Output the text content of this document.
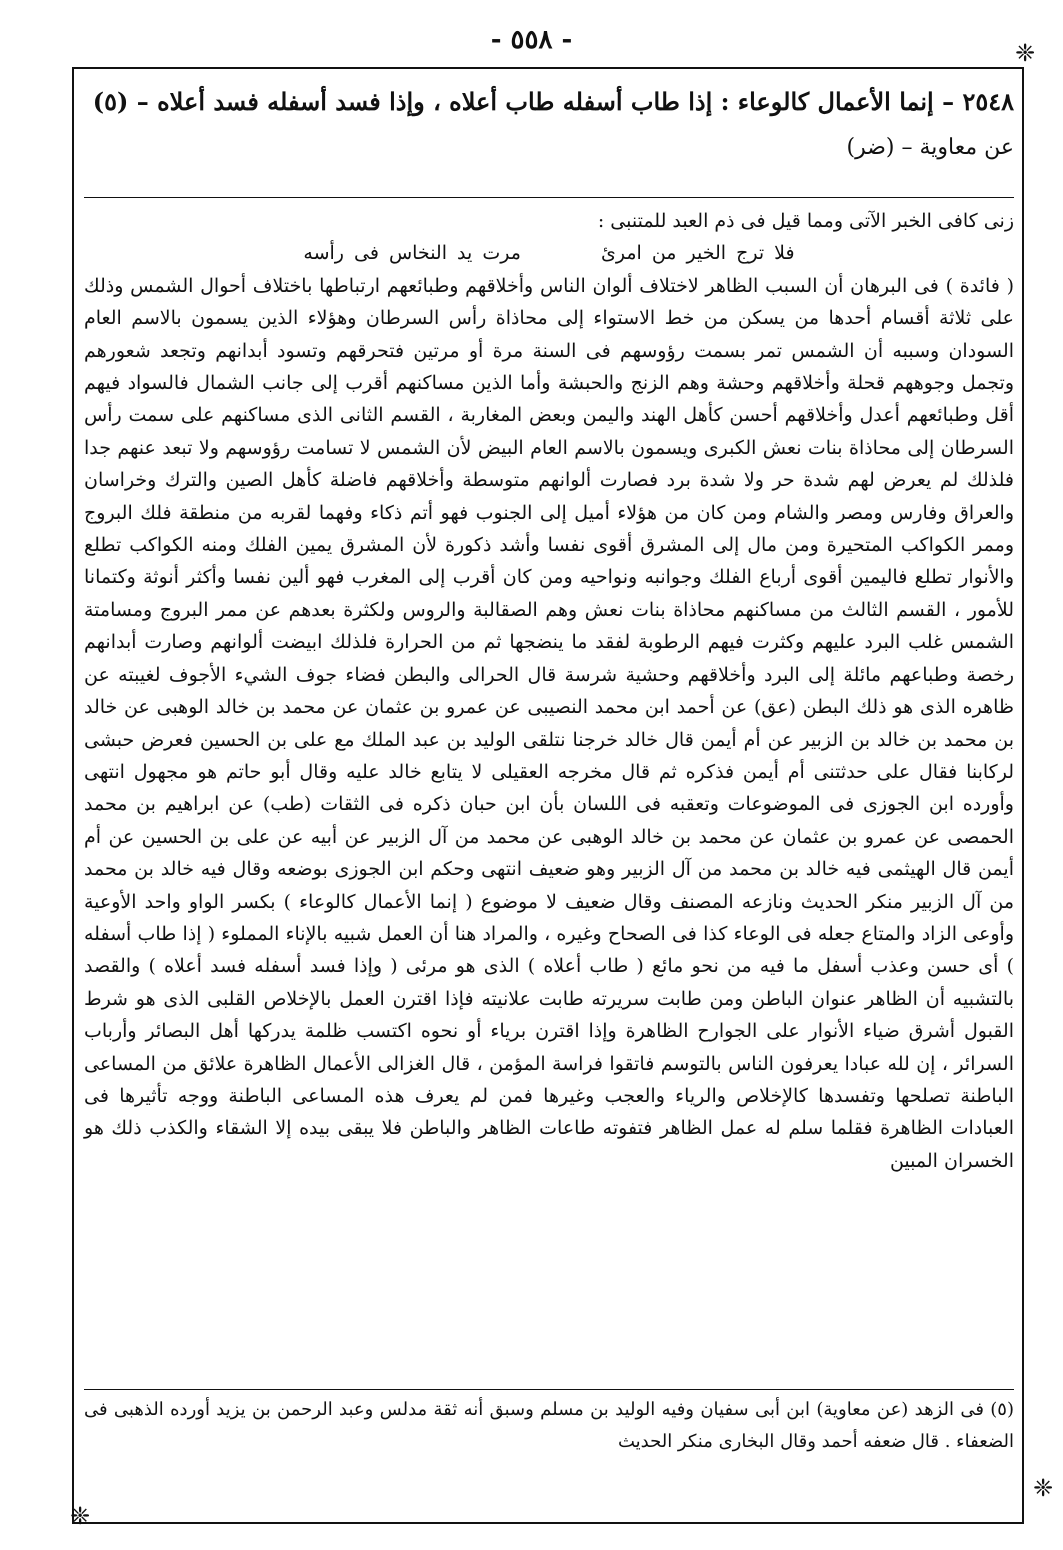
- ٥٥٨ -	❈
❈
❈
٢٥٤٨ – إنما الأعمال كالوعاء : إذا طاب أسفله طاب أعلاه ، وإذا فسد أسفله فسد أعلاه – (٥)
عن معاوية – (ضر)

زنى كافى الخبر الآتى ومما قيل فى ذم العبد للمتنبى :

فلا ترج الخير من امرئ  مرت يد النخاس فى رأسه

( فائدة ) فى البرهان أن السبب الظاهر لاختلاف ألوان الناس وأخلاقهم وطبائعهم ارتباطها باختلاف أحوال الشمس وذلك على ثلاثة أقسام أحدها من يسكن من خط الاستواء إلى محاذاة رأس السرطان وهؤلاء الذين يسمون بالاسم العام السودان وسببه أن الشمس تمر بسمت رؤوسهم فى السنة مرة أو مرتين فتحرقهم وتسود أبدانهم وتجعد شعورهم وتجمل وجوههم قحلة وأخلاقهم وحشة وهم الزنج والحبشة وأما الذين مساكنهم أقرب إلى جانب الشمال فالسواد فيهم أقل وطبائعهم أعدل وأخلاقهم أحسن كأهل الهند واليمن وبعض المغاربة ، القسم الثانى الذى مساكنهم على سمت رأس السرطان إلى محاذاة بنات نعش الكبرى ويسمون بالاسم العام البيض لأن الشمس لا تسامت رؤوسهم ولا تبعد عنهم جدا فلذلك لم يعرض لهم شدة حر ولا شدة برد فصارت ألوانهم متوسطة وأخلاقهم فاضلة كأهل الصين والترك وخراسان والعراق وفارس ومصر والشام ومن كان من هؤلاء أميل إلى الجنوب فهو أتم ذكاء وفهما لقربه من منطقة فلك البروج وممر الكواكب المتحيرة ومن مال إلى المشرق أقوى نفسا وأشد ذكورة لأن المشرق يمين الفلك ومنه الكواكب تطلع والأنوار تطلع فاليمين أقوى أرباع الفلك وجوانبه ونواحيه ومن كان أقرب إلى المغرب فهو ألين نفسا وأكثر أنوثة وكتمانا للأمور ، القسم الثالث من مساكنهم محاذاة بنات نعش وهم الصقالبة والروس ولكثرة بعدهم عن ممر البروج ومسامتة الشمس غلب البرد عليهم وكثرت فيهم الرطوبة لفقد ما ينضجها ثم من الحرارة فلذلك ابيضت ألوانهم وصارت أبدانهم رخصة وطباعهم مائلة إلى البرد وأخلاقهم وحشية شرسة قال الحرالى والبطن فضاء جوف الشيء الأجوف لغيبته عن ظاهره الذى هو ذلك البطن (عق) عن أحمد ابن محمد النصيبى عن عمرو بن عثمان عن محمد بن خالد الوهبى عن خالد بن محمد بن خالد بن الزبير عن أم أيمن قال خالد خرجنا نتلقى الوليد بن عبد الملك مع على بن الحسين فعرض حبشى لركابنا فقال على حدثتنى أم أيمن فذكره ثم قال مخرجه العقيلى لا يتابع خالد عليه وقال أبو حاتم هو مجهول انتهى وأورده ابن الجوزى فى الموضوعات وتعقبه فى اللسان بأن ابن حبان ذكره فى الثقات (طب) عن ابراهيم بن محمد الحمصى عن عمرو بن عثمان عن محمد بن خالد الوهبى عن محمد من آل الزبير عن أبيه عن على بن الحسين عن أم أيمن قال الهيثمى فيه خالد بن محمد من آل الزبير وهو ضعيف انتهى وحكم ابن الجوزى بوضعه وقال فيه خالد بن محمد من آل الزبير منكر الحديث ونازعه المصنف وقال ضعيف لا موضوع ( إنما الأعمال كالوعاء ) بكسر الواو واحد الأوعية وأوعى الزاد والمتاع جعله فى الوعاء كذا فى الصحاح وغيره ، والمراد هنا أن العمل شبيه بالإناء المملوء ( إذا طاب أسفله ) أى حسن وعذب أسفل ما فيه من نحو مائع ( طاب أعلاه ) الذى هو مرئى ( وإذا فسد أسفله فسد أعلاه ) والقصد بالتشبيه أن الظاهر عنوان الباطن ومن طابت سريرته طابت علانيته فإذا اقترن العمل بالإخلاص القلبى الذى هو شرط القبول أشرق ضياء الأنوار على الجوارح الظاهرة وإذا اقترن برياء أو نحوه اكتسب ظلمة يدركها أهل البصائر وأرباب السرائر ، إن لله عبادا يعرفون الناس بالتوسم فاتقوا فراسة المؤمن ، قال الغزالى الأعمال الظاهرة علائق من المساعى الباطنة تصلحها وتفسدها كالإخلاص والرياء والعجب وغيرها فمن لم يعرف هذه المساعى الباطنة ووجه تأثيرها فى العبادات الظاهرة فقلما سلم له عمل الظاهر فتفوته طاعات الظاهر والباطن فلا يبقى بيده إلا الشقاء والكذب ذلك هو الخسران المبين

(٥) فى الزهد (عن معاوية) ابن أبى سفيان وفيه الوليد بن مسلم وسبق أنه ثقة مدلس وعبد الرحمن بن يزيد أورده الذهبى فى الضعفاء . قال ضعفه أحمد وقال البخارى منكر الحديث
